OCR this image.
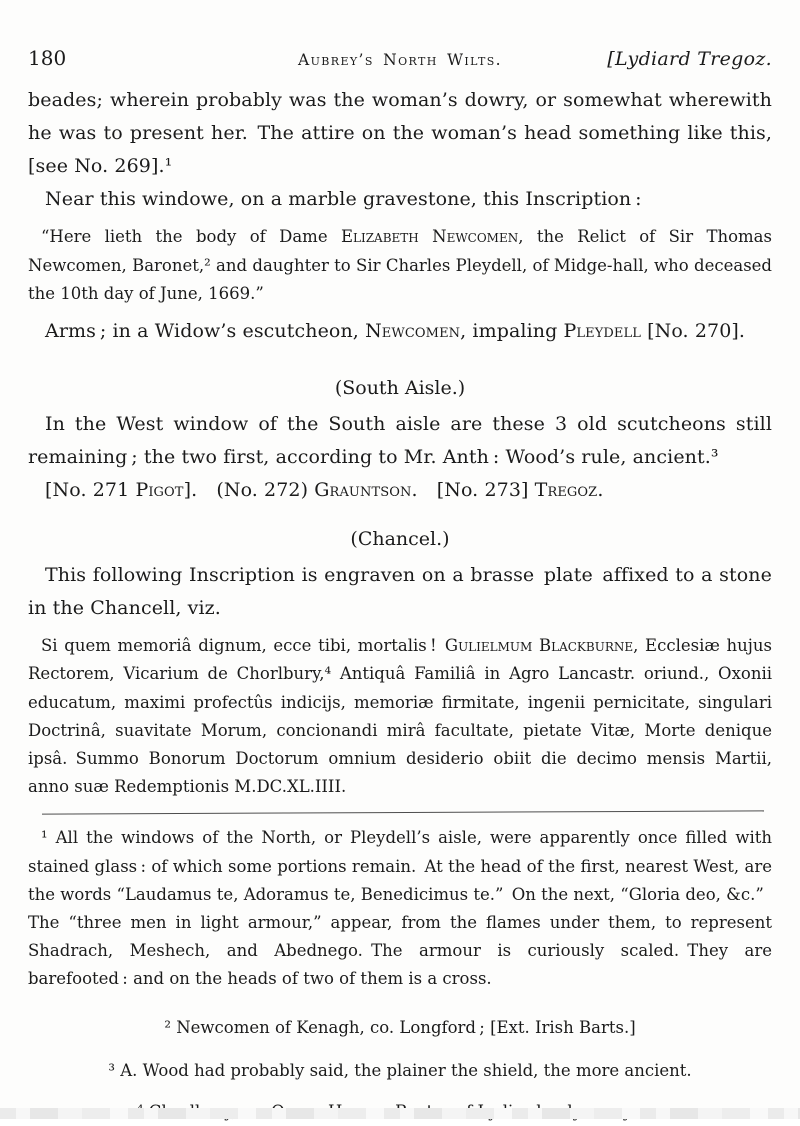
180	Aubrey’s North Wilts.	[Lydiard Tregoz.

beades; wherein probably was the woman’s dowry, or somewhat wherewith he was to present her. The attire on the woman’s head something like this, [see No. 269].¹

Near this windowe, on a marble gravestone, this Inscription :

“Here lieth the body of Dame Elizabeth Newcomen, the Relict of Sir Thomas Newcomen, Baronet,² and daughter to Sir Charles Pleydell, of Midge-hall, who deceased the 10th day of June, 1669.”

Arms ; in a Widow’s escutcheon, Newcomen, impaling Pleydell [No. 270].

(South Aisle.)

In the West window of the South aisle are these 3 old scutcheons still remaining ; the two first, according to Mr. Anth : Wood’s rule, ancient.³

[No. 271 Pigot]. (No. 272) Grauntson. [No. 273] Tregoz.

(Chancel.)

This following Inscription is engraven on a brasse plate affixed to a stone in the Chancell, viz.

Si quem memoriâ dignum, ecce tibi, mortalis ! Gulielmum Blackburne, Ecclesiæ hujus Rectorem, Vicarium de Chorlbury,⁴ Antiquâ Familiâ in Agro Lancastr. oriund., Oxonii educatum, maximi profectûs indicijs, memoriæ firmitate, ingenii pernicitate, singulari Doctrinâ, suavitate Morum, concionandi mirâ facultate, pietate Vitæ, Morte denique ipsâ. Summo Bonorum Doctorum omnium desiderio obiit die decimo mensis Martii, anno suæ Redemptionis M.DC.XL.IIII.

¹ All the windows of the North, or Pleydell’s aisle, were apparently once filled with stained glass : of which some portions remain. At the head of the first, nearest West, are the words “Laudamus te, Adoramus te, Benedicimus te.” On the next, “Gloria deo, &c.” The “three men in light armour,” appear, from the flames under them, to represent Shadrach, Meshech, and Abednego. The armour is curiously scaled. They are barefooted : and on the heads of two of them is a cross.

² Newcomen of Kenagh, co. Longford ; [Ext. Irish Barts.]

³ A. Wood had probably said, the plainer the shield, the more ancient.
